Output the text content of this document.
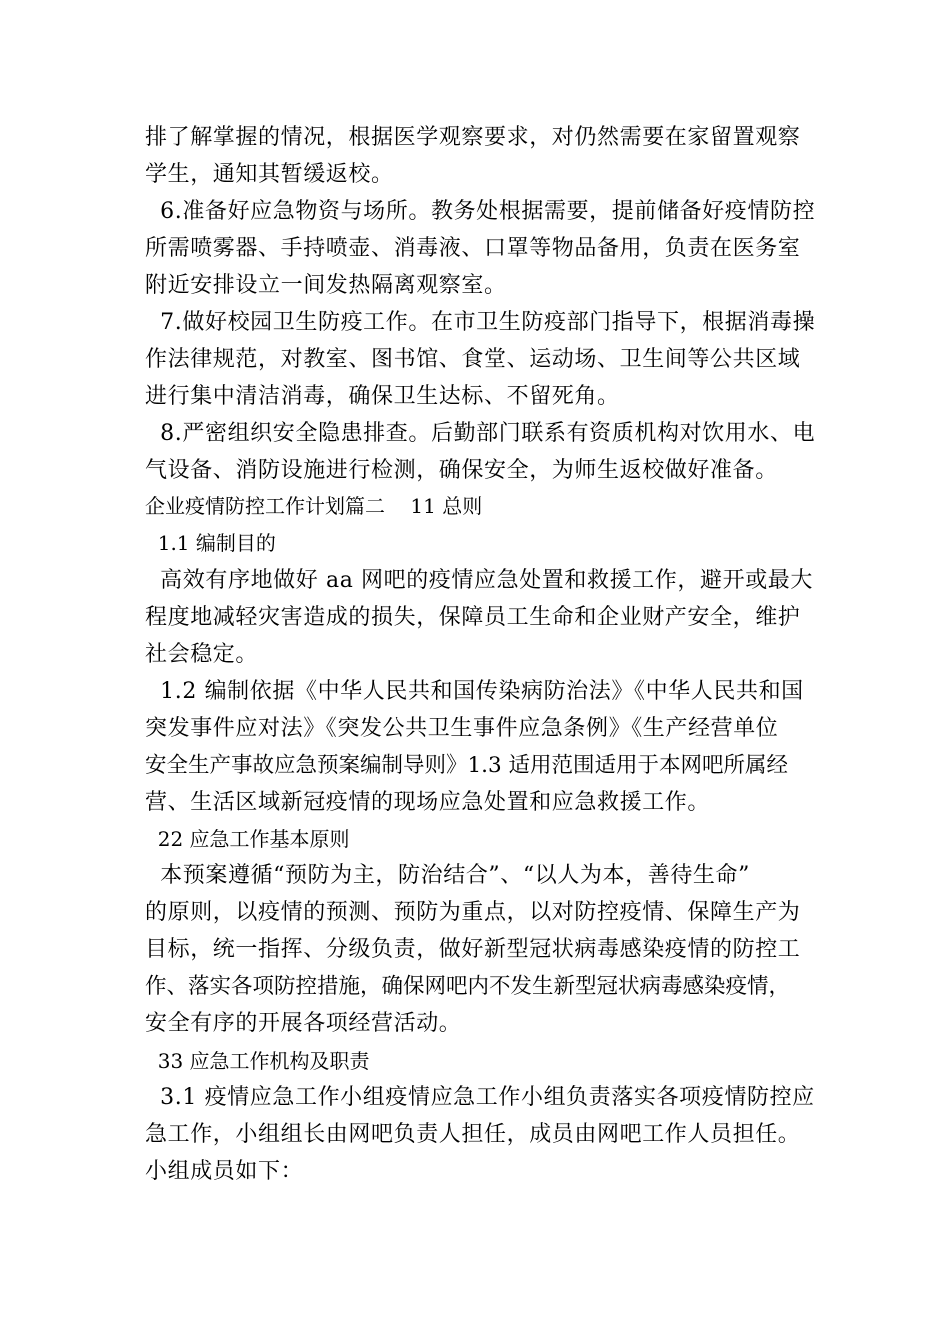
排了解掌握的情况，根据医学观察要求，对仍然需要在家留置观察
学生，通知其暂缓返校。
6.准备好应急物资与场所。教务处根据需要，提前储备好疫情防控
所需喷雾器、手持喷壶、消毒液、口罩等物品备用，负责在医务室
附近安排设立一间发热隔离观察室。
7.做好校园卫生防疫工作。在市卫生防疫部门指导下，根据消毒操
作法律规范，对教室、图书馆、食堂、运动场、卫生间等公共区域
进行集中清洁消毒，确保卫生达标、不留死角。
8.严密组织安全隐患排查。后勤部门联系有资质机构对饮用水、电
气设备、消防设施进行检测，确保安全，为师生返校做好准备。
企业疫情防控工作计划篇二    11 总则
1.1 编制目的
高效有序地做好 aa 网吧的疫情应急处置和救援工作，避开或最大
程度地减轻灾害造成的损失，保障员工生命和企业财产安全，维护
社会稳定。
1.2 编制依据《中华人民共和国传染病防治法》《中华人民共和国
突发事件应对法》《突发公共卫生事件应急条例》《生产经营单位
安全生产事故应急预案编制导则》1.3 适用范围适用于本网吧所属经
营、生活区域新冠疫情的现场应急处置和应急救援工作。
22 应急工作基本原则
本预案遵循“预防为主，防治结合”、“以人为本，善待生命”
的原则，以疫情的预测、预防为重点，以对防控疫情、保障生产为
目标，统一指挥、分级负责，做好新型冠状病毒感染疫情的防控工
作、落实各项防控措施，确保网吧内不发生新型冠状病毒感染疫情，
安全有序的开展各项经营活动。
33 应急工作机构及职责
3.1 疫情应急工作小组疫情应急工作小组负责落实各项疫情防控应
急工作，小组组长由网吧负责人担任，成员由网吧工作人员担任。
小组成员如下：
